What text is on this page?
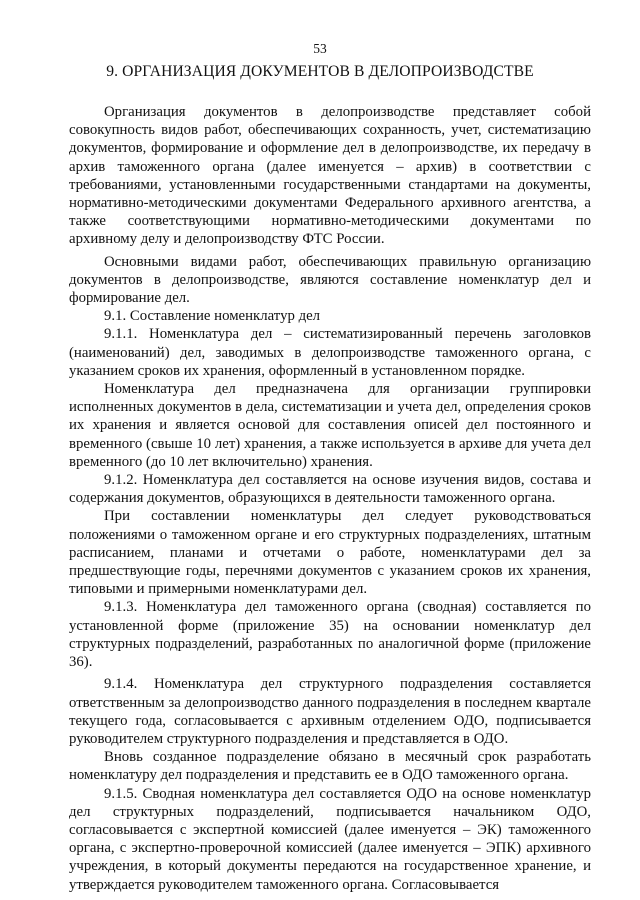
53
9. ОРГАНИЗАЦИЯ ДОКУМЕНТОВ В ДЕЛОПРОИЗВОДСТВЕ

Организация документов в делопроизводстве представляет собой совокупность видов работ, обеспечивающих сохранность, учет, систематизацию документов, формирование и оформление дел в делопроизводстве, их передачу в архив таможенного органа (далее именуется – архив) в соответствии с требованиями, установленными государственными стандартами на документы, нормативно-методическими документами Федерального архивного агентства, а также соответствующими нормативно-методическими документами по архивному делу и делопроизводству ФТС России.

Основными видами работ, обеспечивающих правильную организацию документов в делопроизводстве, являются составление номенклатур дел и формирование дел.

9.1. Составление номенклатур дел

9.1.1. Номенклатура дел – систематизированный перечень заголовков (наименований) дел, заводимых в делопроизводстве таможенного органа, с указанием сроков их хранения, оформленный в установленном порядке.

Номенклатура дел предназначена для организации группировки исполненных документов в дела, систематизации и учета дел, определения сроков их хранения и является основой для составления описей дел постоянного и временного (свыше 10 лет) хранения, а также используется в архиве для учета дел временного (до 10 лет включительно) хранения.

9.1.2. Номенклатура дел составляется на основе изучения видов, состава и содержания документов, образующихся в деятельности таможенного органа.

При составлении номенклатуры дел следует руководствоваться положениями о таможенном органе и его структурных подразделениях, штатным расписанием, планами и отчетами о работе, номенклатурами дел за предшествующие годы, перечнями документов с указанием сроков их хранения, типовыми и примерными номенклатурами дел.

9.1.3. Номенклатура дел таможенного органа (сводная) составляется по установленной форме (приложение 35) на основании номенклатур дел структурных подразделений, разработанных по аналогичной форме (приложение 36).

9.1.4. Номенклатура дел структурного подразделения составляется ответственным за делопроизводство данного подразделения в последнем квартале текущего года, согласовывается с архивным отделением ОДО, подписывается руководителем структурного подразделения и представляется в ОДО.

Вновь созданное подразделение обязано в месячный срок разработать номенклатуру дел подразделения и представить ее в ОДО таможенного органа.

9.1.5. Сводная номенклатура дел составляется ОДО на основе номенклатур дел структурных подразделений, подписывается начальником ОДО, согласовывается с экспертной комиссией (далее именуется – ЭК) таможенного органа, с экспертно-проверочной комиссией (далее именуется – ЭПК) архивного учреждения, в который документы передаются на государственное хранение, и утверждается руководителем таможенного органа. Согласовывается
